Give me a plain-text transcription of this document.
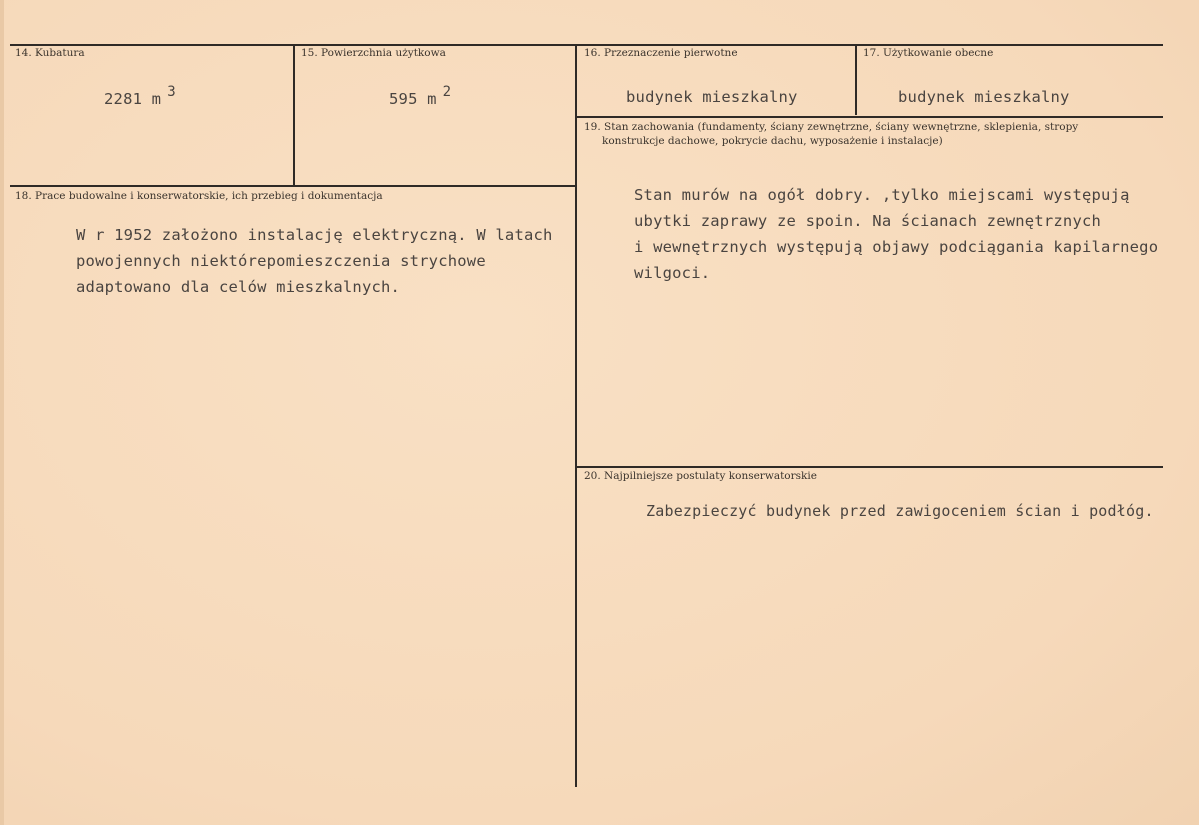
14. Kubatura
2281 m 3
15. Powierzchnia użytkowa
595 m 2
16. Przeznaczenie pierwotne
budynek mieszkalny
17. Użytkowanie obecne
budynek mieszkalny
18. Prace budowalne i konserwatorskie, ich przebieg i dokumentacja
W r 1952 założono instalację elektryczną. W latach
powojennych niektórepomieszczenia strychowe
adaptowano dla celów mieszkalnych.
19. Stan zachowania (fundamenty, ściany zewnętrzne, ściany wewnętrzne, sklepienia, stropy
konstrukcje dachowe, pokrycie dachu, wyposażenie i instalacje)
Stan murów na ogół dobry. ,tylko miejscami występują
ubytki zaprawy ze spoin. Na ścianach zewnętrznych
i wewnętrznych występują objawy podciągania kapilarnego
wilgoci.
20. Najpilniejsze postulaty konserwatorskie
Zabezpieczyć budynek przed zawigoceniem ścian i podłóg.
